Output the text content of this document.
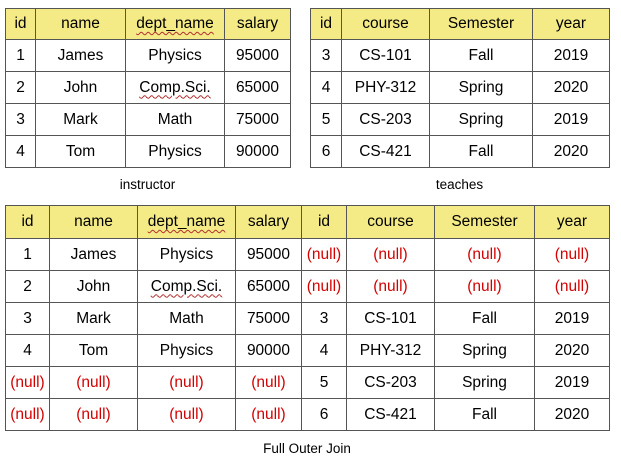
id	name	dept_name	salary
1	James	Physics	95000
2	John	Comp.Sci.	65000
3	Mark	Math	75000
4	Tom	Physics	90000
id	course	Semester	year
3	CS-101	Fall	2019
4	PHY-312	Spring	2020
5	CS-203	Spring	2019
6	CS-421	Fall	2020
instructor	teaches
id	name	dept_name	salary	id	course	Semester	year
1	James	Physics	95000	(null)	(null)	(null)	(null)
2	John	Comp.Sci.	65000	(null)	(null)	(null)	(null)
3	Mark	Math	75000	3	CS-101	Fall	2019
4	Tom	Physics	90000	4	PHY-312	Spring	2020
(null)	(null)	(null)	(null)	5	CS-203	Spring	2019
(null)	(null)	(null)	(null)	6	CS-421	Fall	2020
Full Outer Join
